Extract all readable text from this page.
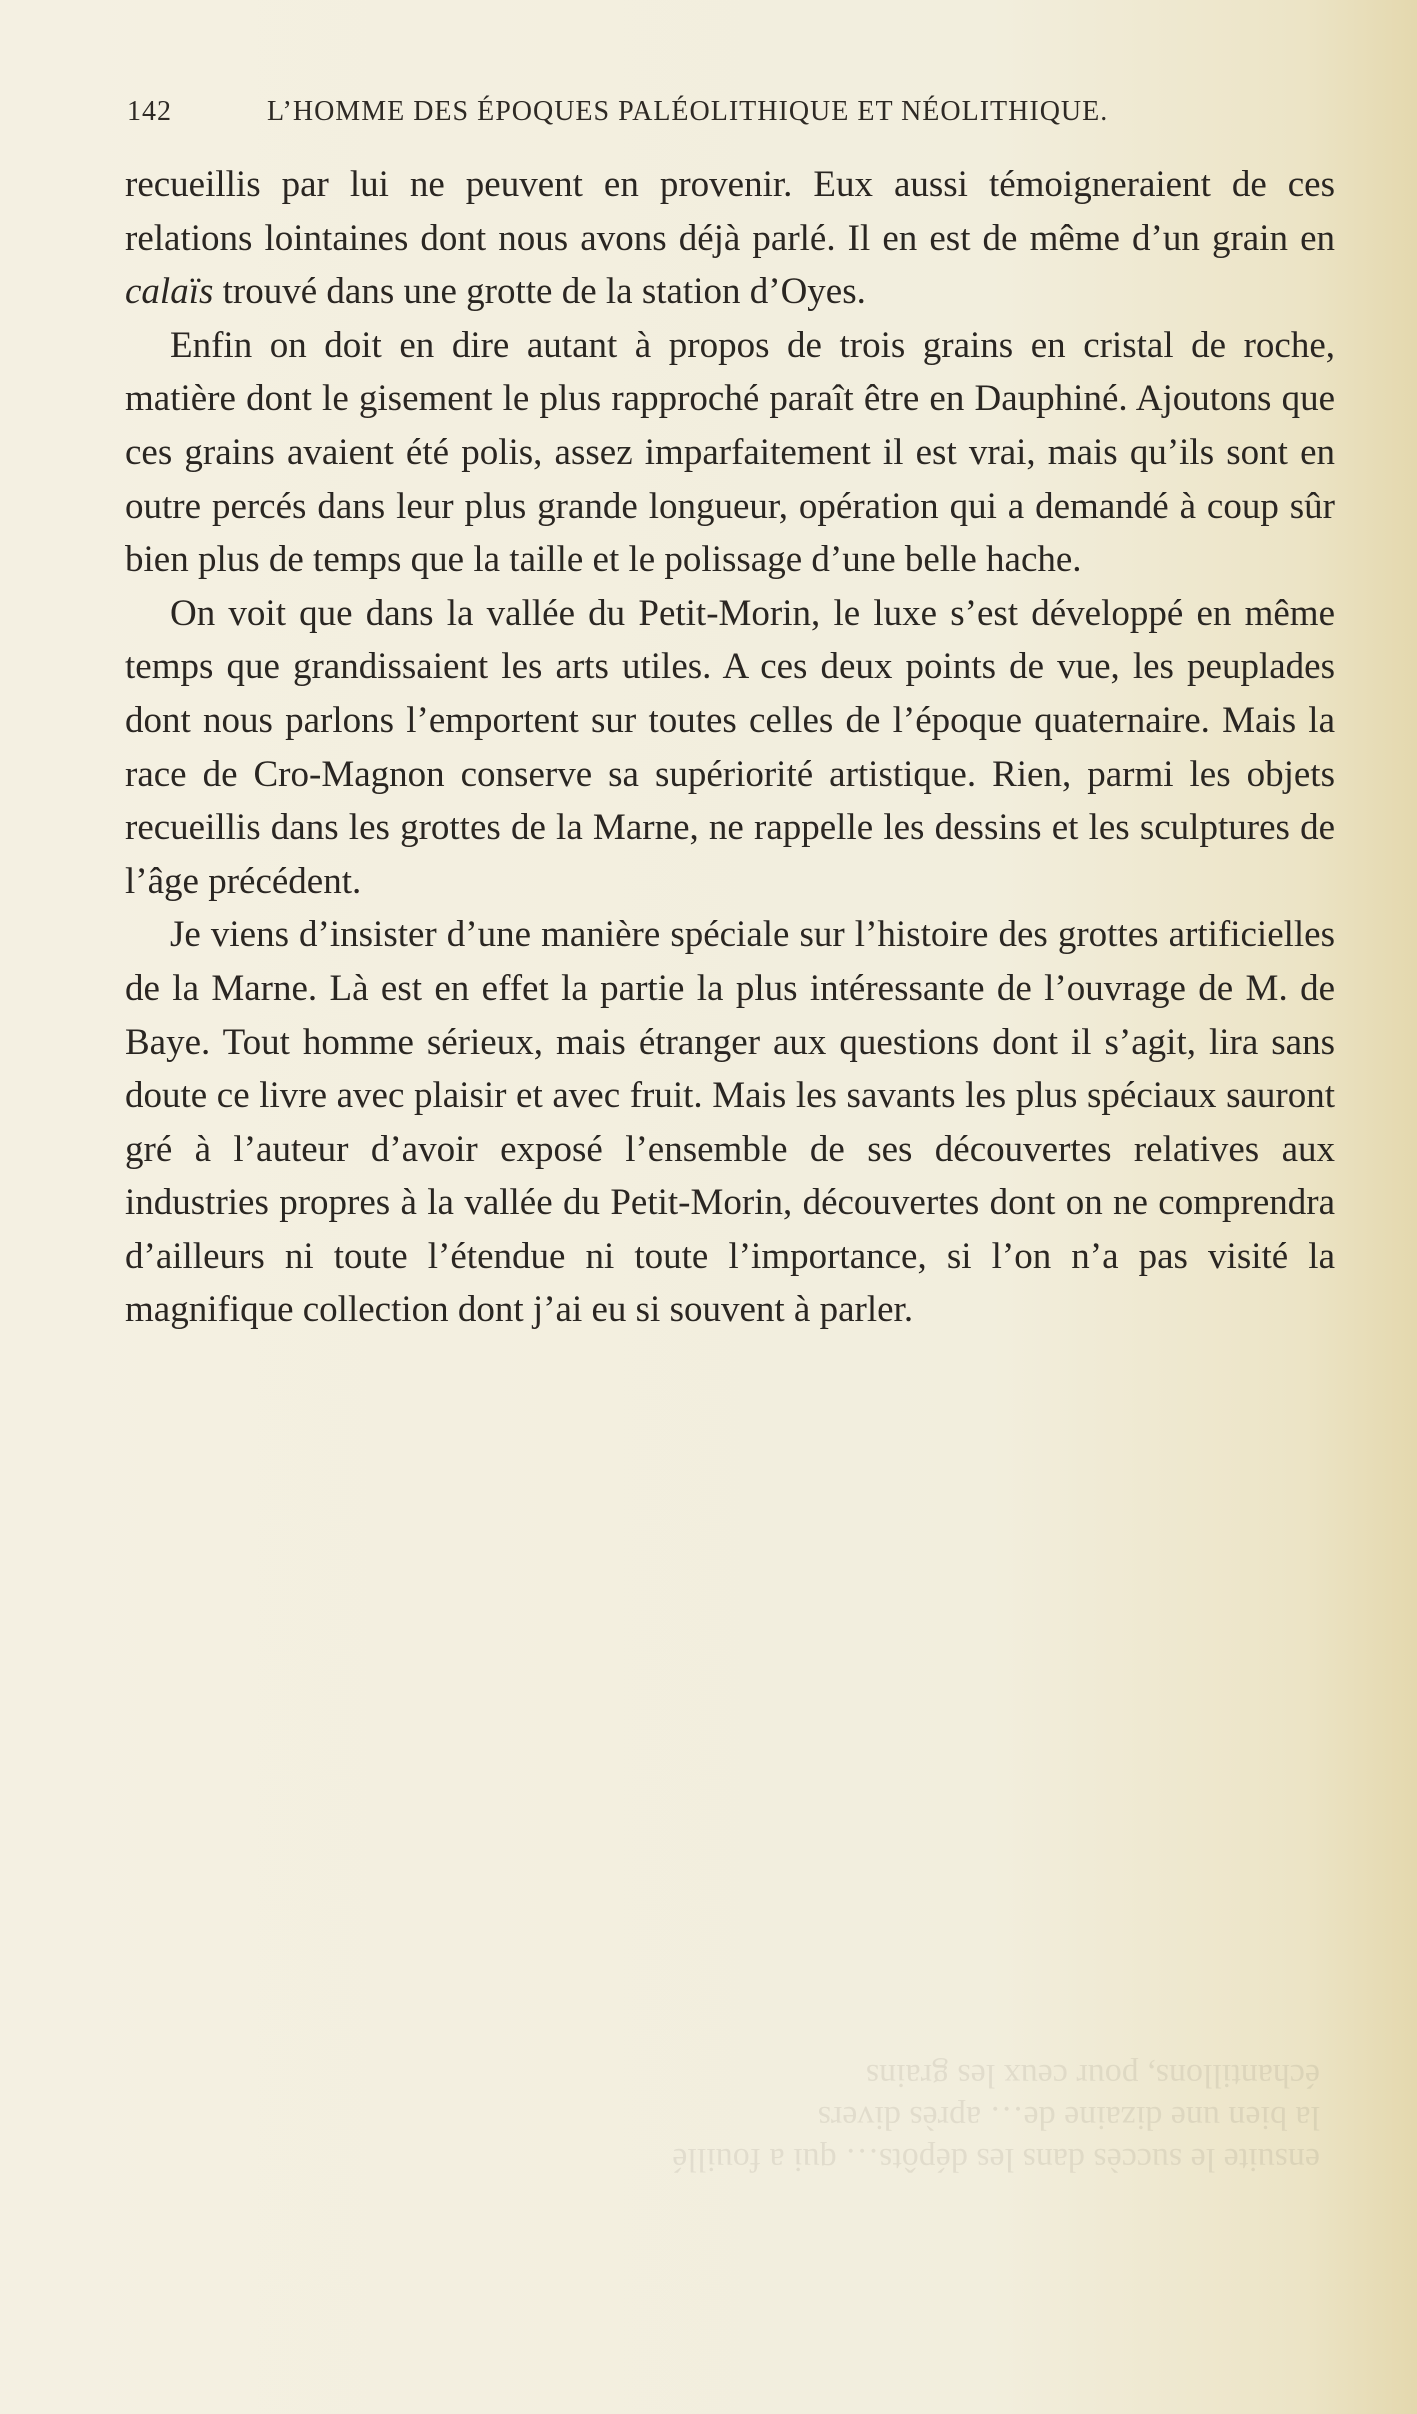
142	L’HOMME DES ÉPOQUES PALÉOLITHIQUE ET NÉOLITHIQUE.

recueillis par lui ne peuvent en provenir. Eux aussi témoigneraient de ces relations lointaines dont nous avons déjà parlé. Il en est de même d’un grain en calaïs trouvé dans une grotte de la station d’Oyes.

Enfin on doit en dire autant à propos de trois grains en cristal de roche, matière dont le gisement le plus rapproché paraît être en Dauphiné. Ajoutons que ces grains avaient été polis, assez imparfaitement il est vrai, mais qu’ils sont en outre percés dans leur plus grande longueur, opération qui a demandé à coup sûr bien plus de temps que la taille et le polissage d’une belle hache.

On voit que dans la vallée du Petit-Morin, le luxe s’est développé en même temps que grandissaient les arts utiles. A ces deux points de vue, les peuplades dont nous parlons l’emportent sur toutes celles de l’époque quaternaire. Mais la race de Cro-Magnon conserve sa supériorité artistique. Rien, parmi les objets recueillis dans les grottes de la Marne, ne rappelle les dessins et les sculptures de l’âge précédent.

Je viens d’insister d’une manière spéciale sur l’histoire des grottes artificielles de la Marne. Là est en effet la partie la plus intéressante de l’ouvrage de M. de Baye. Tout homme sérieux, mais étranger aux questions dont il s’agit, lira sans doute ce livre avec plaisir et avec fruit. Mais les savants les plus spéciaux sauront gré à l’auteur d’avoir exposé l’ensemble de ses découvertes relatives aux industries propres à la vallée du Petit-Morin, découvertes dont on ne comprendra d’ailleurs ni toute l’étendue ni toute l’importance, si l’on n’a pas visité la magnifique collection dont j’ai eu si souvent à parler.

ensuite le succès dans les dépôts… qui a fouillé la bien une dizaine de… après divers échantillons, pour ceux les grains
